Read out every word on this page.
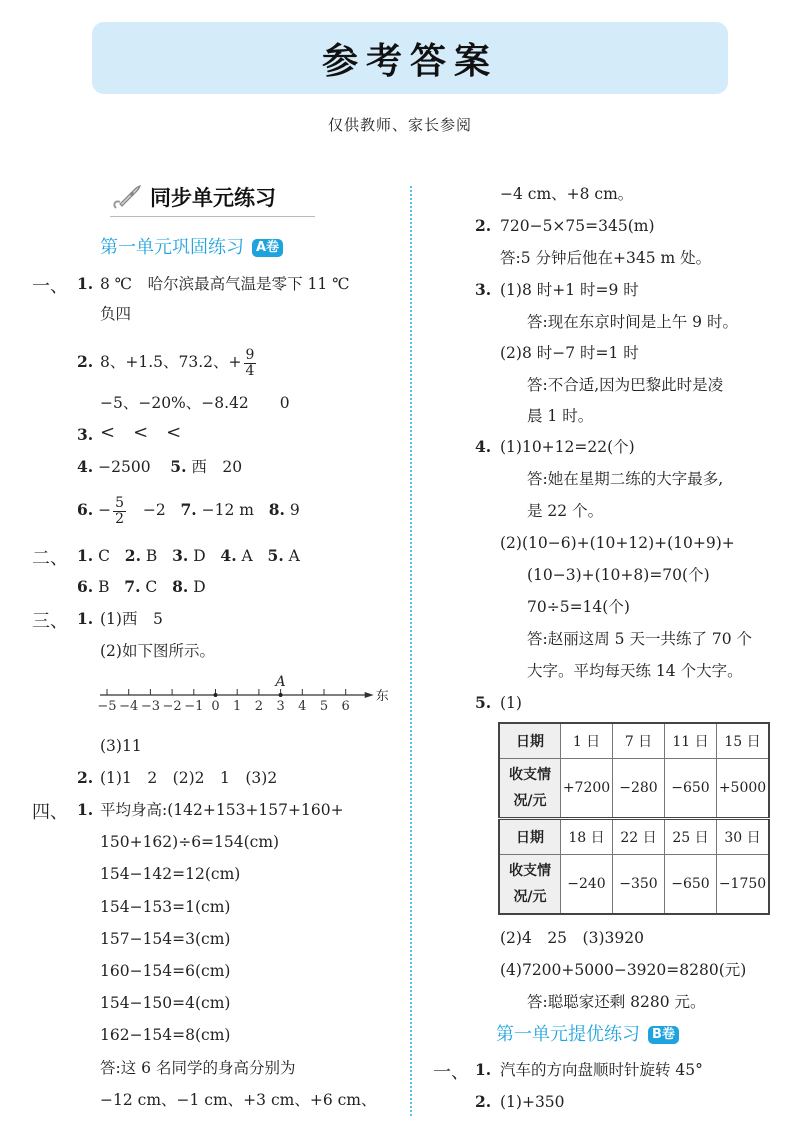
参考答案
仅供教师、家长参阅
同步单元练习
第一单元巩固练习 A卷
一、 1. 8 ℃　哈尔滨最高气温是零下 11 ℃
负四
2. 8、+1.5、73.2、+ $\frac{9}{4}$
−5、−20%、−8.42　　0
3. <　<　<
4. −2500 5. 西　20
6. − $\frac{5}{2} -2$ 7. −12 m 8. 9
二、 1. C 2. B 3. D 4. A 5. A
6. B 7. C 8. D
三、 1. (1)西　5
(2)如下图所示。
−5 −4 −3 −2 −1 0 1 2 3 4 5 6
A
东
(3)11
2. (1)1　2　(2)2　1　(3)2
四、 1. 平均身高:(142+153+157+160+
150+162)÷6=154(cm)
154−142=12(cm)
154−153=1(cm)
157−154=3(cm)
160−154=6(cm)
154−150=4(cm)
162−154=8(cm)
答:这 6 名同学的身高分别为
−12 cm、−1 cm、+3 cm、+6 cm、
−4 cm、+8 cm。
2. 720−5×75=345(m)
答:5 分钟后他在+345 m 处。
3. (1)8 时+1 时=9 时
答:现在东京时间是上午 9 时。
(2)8 时−7 时=1 时
答:不合适,因为巴黎此时是凌
晨 1 时。
4. (1)10+12=22(个)
答:她在星期二练的大字最多,
是 22 个。
(2)(10−6)+(10+12)+(10+9)+
(10−3)+(10+8)=70(个)
70÷5=14(个)
答:赵丽这周 5 天一共练了 70 个
大字。平均每天练 14 个大字。
5. (1)
日期	1 日	7 日	11 日	15 日

收支情
况/元	+7200	−280	−650	+5000
日期	18 日	22 日	25 日	30 日

收支情
况/元	−240	−350	−650	−1750
(2)4　25　(3)3920
(4)7200+5000−3920=8280(元)
答:聪聪家还剩 8280 元。
第一单元提优练习 B卷
一、 1. 汽车的方向盘顺时针旋转 45°
2. (1)+350
